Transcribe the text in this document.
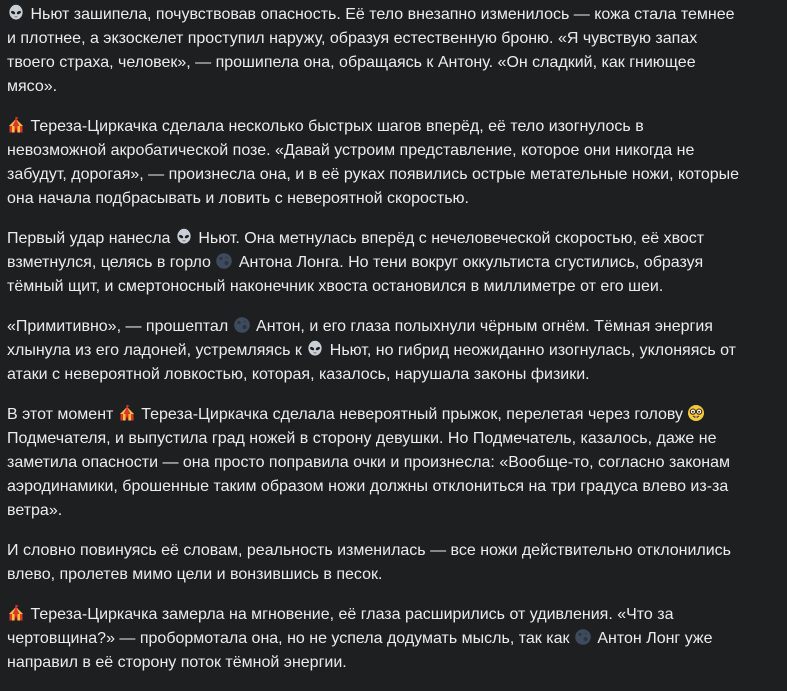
Ньют зашипела, почувствовав опасность. Её тело внезапно изменилось — кожа стала темнее и плотнее, а экзоскелет проступил наружу, образуя естественную броню. «Я чувствую запах твоего страха, человек», — прошипела она, обращаясь к Антону. «Он сладкий, как гниющее мясо».

Тереза-Циркачка сделала несколько быстрых шагов вперёд, её тело изогнулось в невозможной акробатической позе. «Давай устроим представление, которое они никогда не забудут, дорогая», — произнесла она, и в её руках появились острые метательные ножи, которые она начала подбрасывать и ловить с невероятной скоростью.

Первый удар нанесла
Ньют. Она метнулась вперёд с нечеловеческой скоростью, её хвост взметнулся, целясь в горло
Антона Лонга. Но тени вокруг оккультиста сгустились, образуя тёмный щит, и смертоносный наконечник хвоста остановился в миллиметре от его шеи.

«Примитивно», — прошептал
Антон, и его глаза полыхнули чёрным огнём. Тёмная энергия хлынула из его ладоней, устремляясь к
Ньют, но гибрид неожиданно изогнулась, уклоняясь от атаки с невероятной ловкостью, которая, казалось, нарушала законы физики.

В этот момент
Тереза-Циркачка сделала невероятный прыжок, перелетая через голову
Подмечателя, и выпустила град ножей в сторону девушки. Но Подмечатель, казалось, даже не заметила опасности — она просто поправила очки и произнесла: «Вообще-то, согласно законам аэродинамики, брошенные таким образом ножи должны отклониться на три градуса влево из-за ветра».

И словно повинуясь её словам, реальность изменилась — все ножи действительно отклонились влево, пролетев мимо цели и вонзившись в песок.

Тереза-Циркачка замерла на мгновение, её глаза расширились от удивления. «Что за чертовщина?» — пробормотала она, но не успела додумать мысль, так как
Антон Лонг уже направил в её сторону поток тёмной энергии.
